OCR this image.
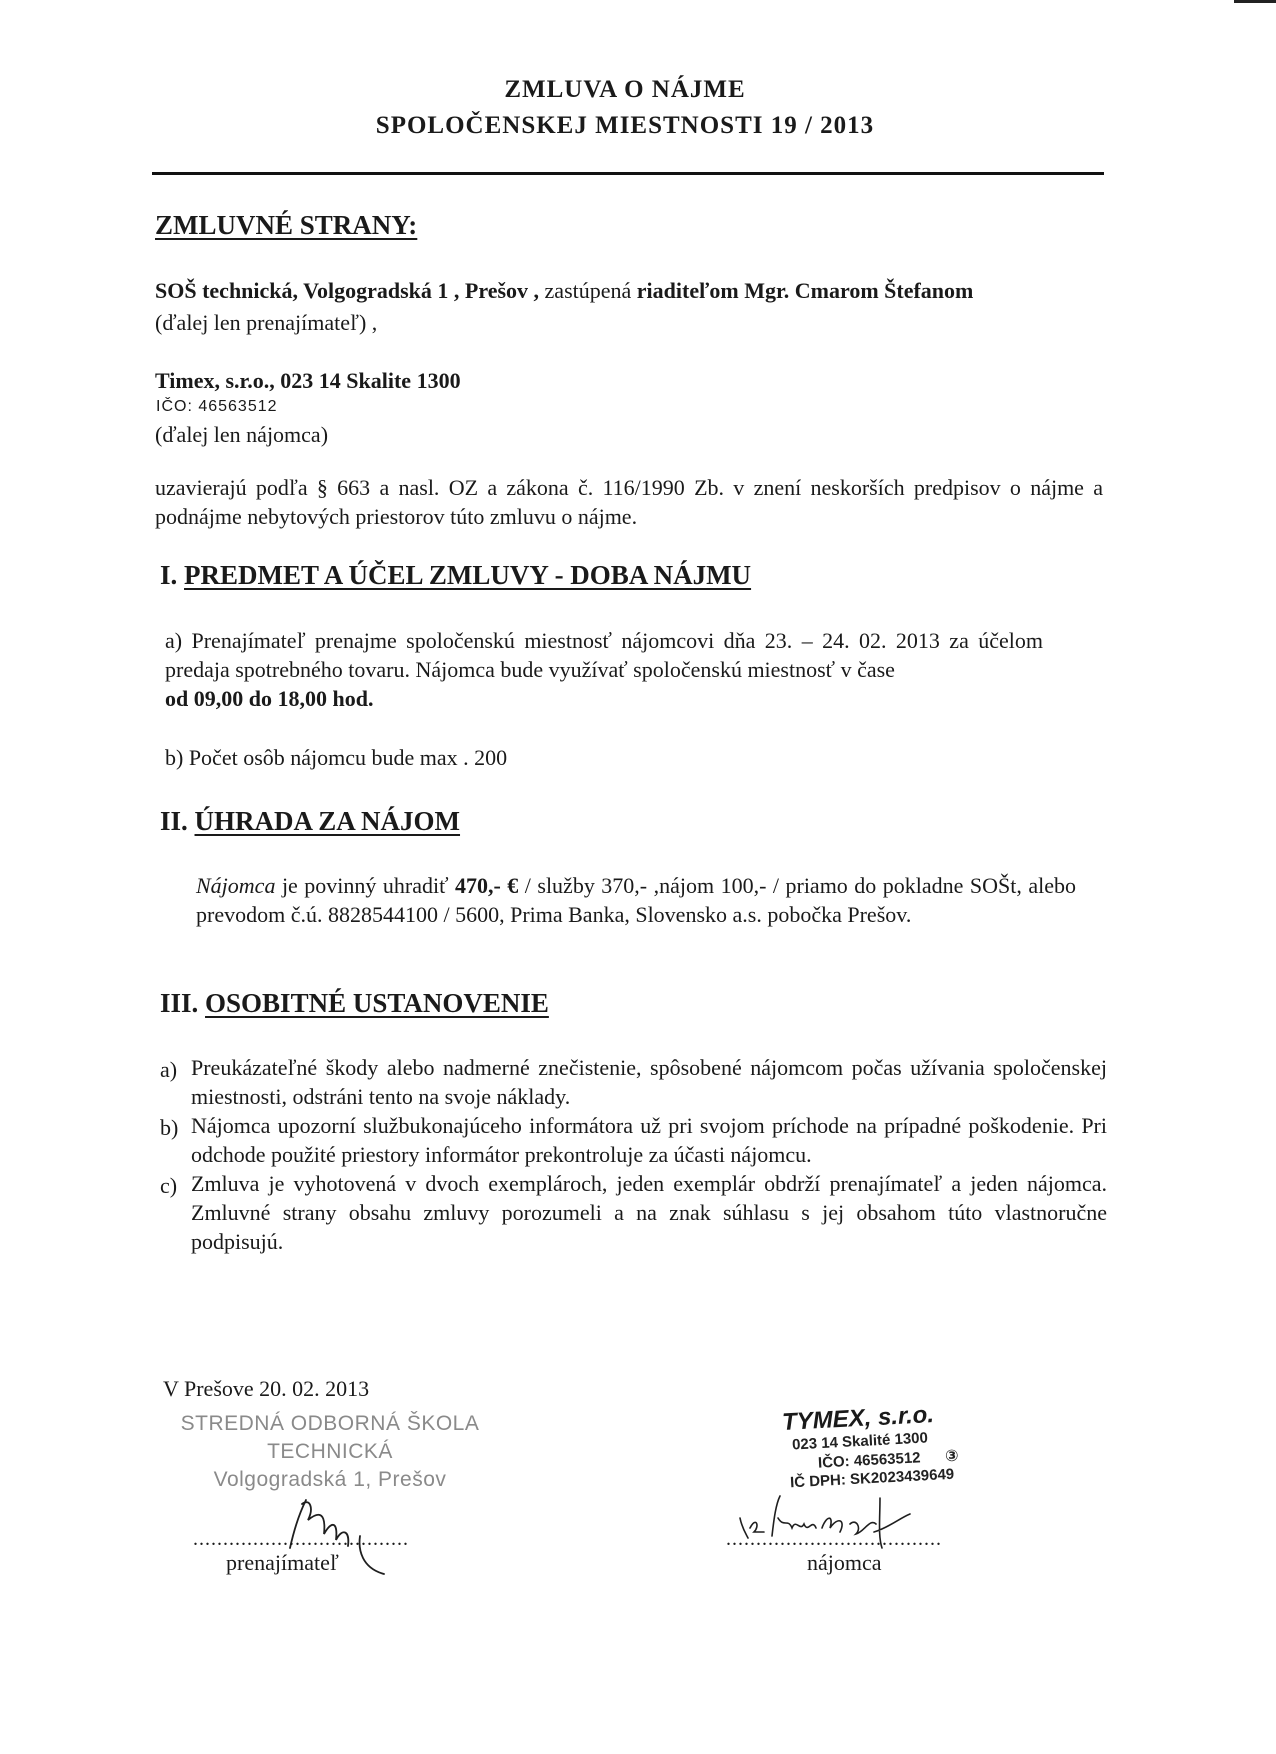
ZMLUVA O NÁJME
SPOLOČENSKEJ MIESTNOSTI 19 / 2013
ZMLUVNÉ STRANY:
SOŠ technická, Volgogradská 1 , Prešov , zastúpená riaditeľom Mgr. Cmarom Štefanom
(ďalej len prenajímateľ) ,
Timex, s.r.o., 023 14 Skalite 1300
IČO: 46563512
(ďalej len nájomca)
uzavierajú podľa § 663 a nasl. OZ a zákona č. 116/1990 Zb. v znení neskorších predpisov o nájme a podnájme nebytových priestorov túto zmluvu o nájme.
I. PREDMET A ÚČEL ZMLUVY - DOBA NÁJMU
a) Prenajímateľ prenajme spoločenskú miestnosť nájomcovi dňa 23. – 24. 02. 2013 za účelom predaja spotrebného tovaru. Nájomca bude využívať spoločenskú miestnosť v čase
od 09,00 do 18,00 hod.
b) Počet osôb nájomcu bude max . 200
II. ÚHRADA ZA NÁJOM
Nájomca je povinný uhradiť 470,- € / služby 370,- ,nájom 100,- / priamo do pokladne SOŠt, alebo prevodom č.ú. 8828544100 / 5600, Prima Banka, Slovensko a.s. pobočka Prešov.
III. OSOBITNÉ USTANOVENIE
a) Preukázateľné škody alebo nadmerné znečistenie, spôsobené nájomcom počas užívania spoločenskej miestnosti, odstráni tento na svoje náklady.
b) Nájomca upozorní službukonajúceho informátora už pri svojom príchode na prípadné poškodenie. Pri odchode použité priestory informátor prekontroluje za účasti nájomcu.
c) Zmluva je vyhotovená v dvoch exemplároch, jeden exemplár obdrží prenajímateľ a jeden nájomca. Zmluvné strany obsahu zmluvy porozumeli a na znak súhlasu s jej obsahom túto vlastnoručne podpisujú.
V Prešove 20. 02. 2013
STREDNÁ ODBORNÁ ŠKOLA
TECHNICKÁ
Volgogradská 1, Prešov
....................................
prenajímateľ
TYMEX, s.r.o.
023 14 Skalité 1300
IČO: 46563512 ③
IČ DPH: SK2023439649
....................................
nájomca
